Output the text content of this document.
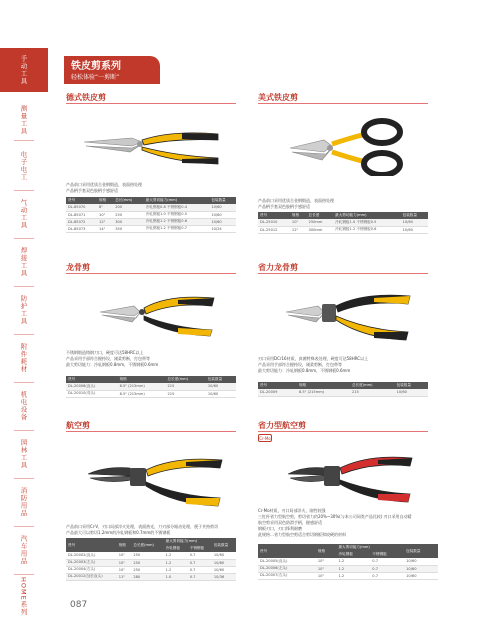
手动工具
测量工具
电子电工
气动工具
焊接工具
防护工具
附件耗材
机电设备
园林工具
消防用品
汽车用品
HOME系列
铁皮剪系列
轻松体验“一剪断”
德式铁皮剪
产品前口采用优质合金钢锻造，表面热处理
产品柄手套双色胶柄手感舒适
货号	规格	总长(mm)	最大剪切能力(mm)	包装数量
DL-85070	8"	200	冷轧钢板0.8 不锈钢板0.4	10/60
DL-85071	10"	250	冷轧钢板1.0 不锈钢板0.5	10/60
DL-85072	12"	300	冷轧钢板1.2 不锈钢板0.6	10/60
DL-85073	14"	350	冷轧钢板1.2 不锈钢板0.7	10/24
美式铁皮剪
产品前口采用优质合金钢锻造，表面热处理
产品柄手套双色胶柄手感舒适
货号	规格	总长度	最大剪切能力(mm)	包装数量
DL-25010	10"	250mm	冷轧钢板1.0 不锈钢板0.5	10/60
DL-25012	12"	300mm	冷轧钢板1.2 不锈钢板0.6	10/60
龙骨剪
不锈钢锻造铸钢刀口，硬度可达58HRC以上
产品采用手部符合握持设，刚柔剪断，打包带等
最大剪切能力：冷轧钢板0.8mm，不锈钢板0.6mm
货号	规格	总长度(mm)	包装数量
DL-20008(直头)	8.5" (215mm)	215	10/60
DL-20010(弯头)	8.5" (215mm)	215	10/60
省力龙骨剪
刃口采用DCr16材质，真菌特殊表处理，硬度可达58HRC以上
产品采用手部符合握持设，刚柔剪断，打包带等
最大剪切能力：冷轧钢板0.8mm，不锈钢板0.6mm
货号	规格	总长度(mm)	包装数量
DL-20009	8.5" (215mm)	215	10/60
航空剪
产品前口采用Cr-V，刃口局部淬火处理，表面热光，刀刃部分锯齿处理，便于夹持剪切
产品最大可以剪切1.2mm的冷轧钢板和0.7mm的不锈钢板
货号	规格	总长度(mm)	最大剪切能力(mm)		包装数量
			冷轧钢板	不锈钢板	
DL-20002(直头)	10"	250	1.2	0.7	10/60
DL-20003(左头)	10"	250	1.2	0.7	10/60
DL-20004(右头)	10"	250	1.2	0.7	10/60
DL-20012(加长直头)	11"	280	1.0	0.7	10/36
省力型航空剪
Cr-Mo
Cr-Mo材质，刃口局部淬火，刚性较强
三杠杆省力型航空剪，剪切省力约20%~30%(与本公司同类产品比较) 刃口采用自动精
航空剪采用双色防滑手柄，握感舒适
钢板刃口，刃口锋利耐磨
此规格…省力型航空剪适合剪切钢板和较硬的材料
货号	规格	最大剪切能力(mm)		包装数量
		冷轧钢板	不锈钢板	
DL-20005(直头)	10"	1.2	0.7	10/60
DL-20006(左头)	10"	1.2	0.7	10/60
DL-20007(右头)	10"	1.2	0.7	10/60
087
